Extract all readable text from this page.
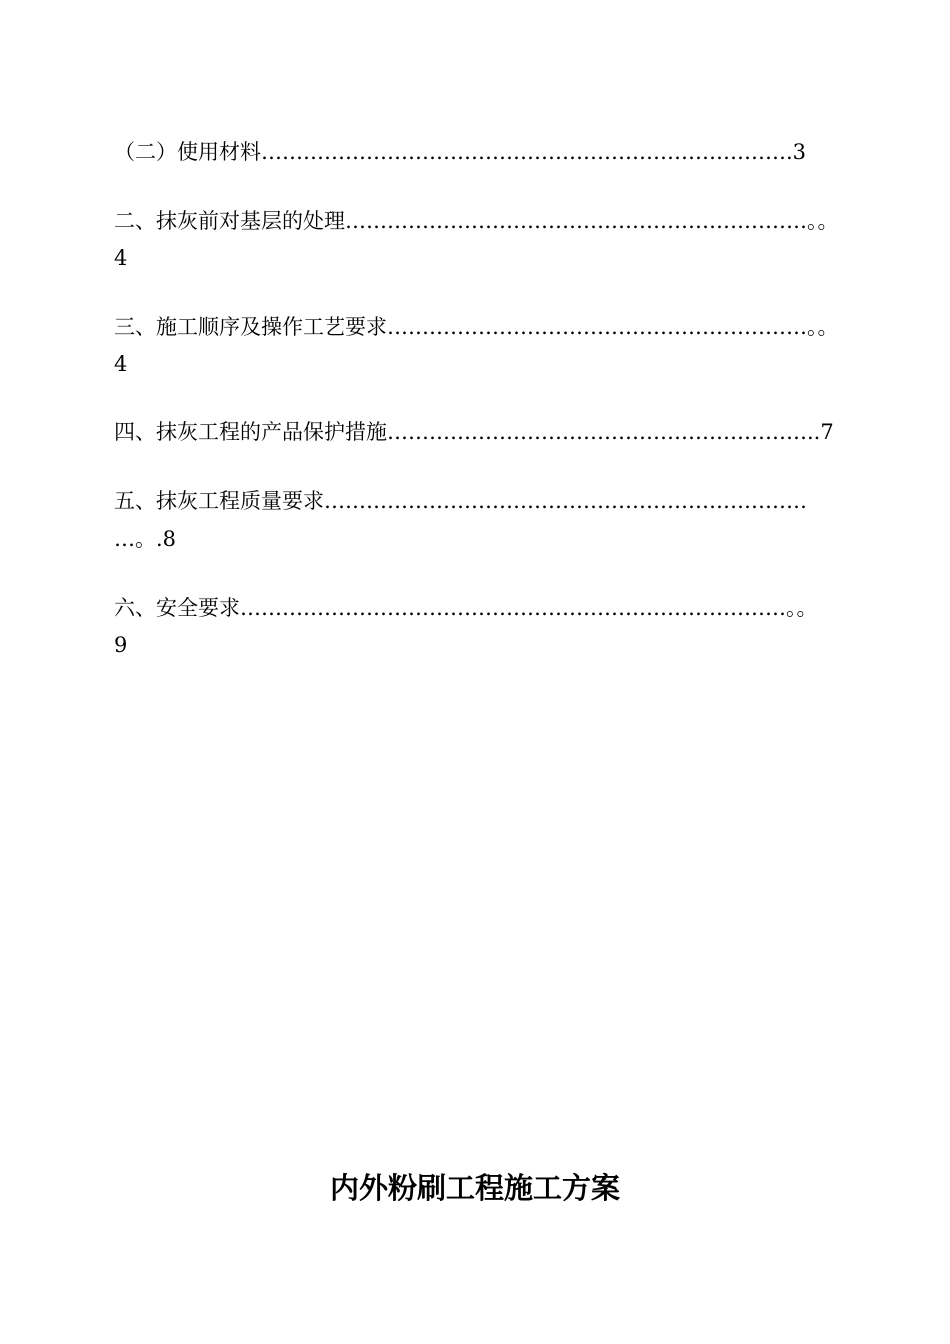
（二）使用材料………………………………………………………………….3
二、抹灰前对基层的处理…………………………………………………………。。
4
三、施工顺序及操作工艺要求……………………………………………………。。
4
四、抹灰工程的产品保护措施……………………………………………………..7
五、抹灰工程质量要求……………………………………………………………
…。.8
六、安全要求……………………………………………………………………。。
9
内外粉刷工程施工方案
